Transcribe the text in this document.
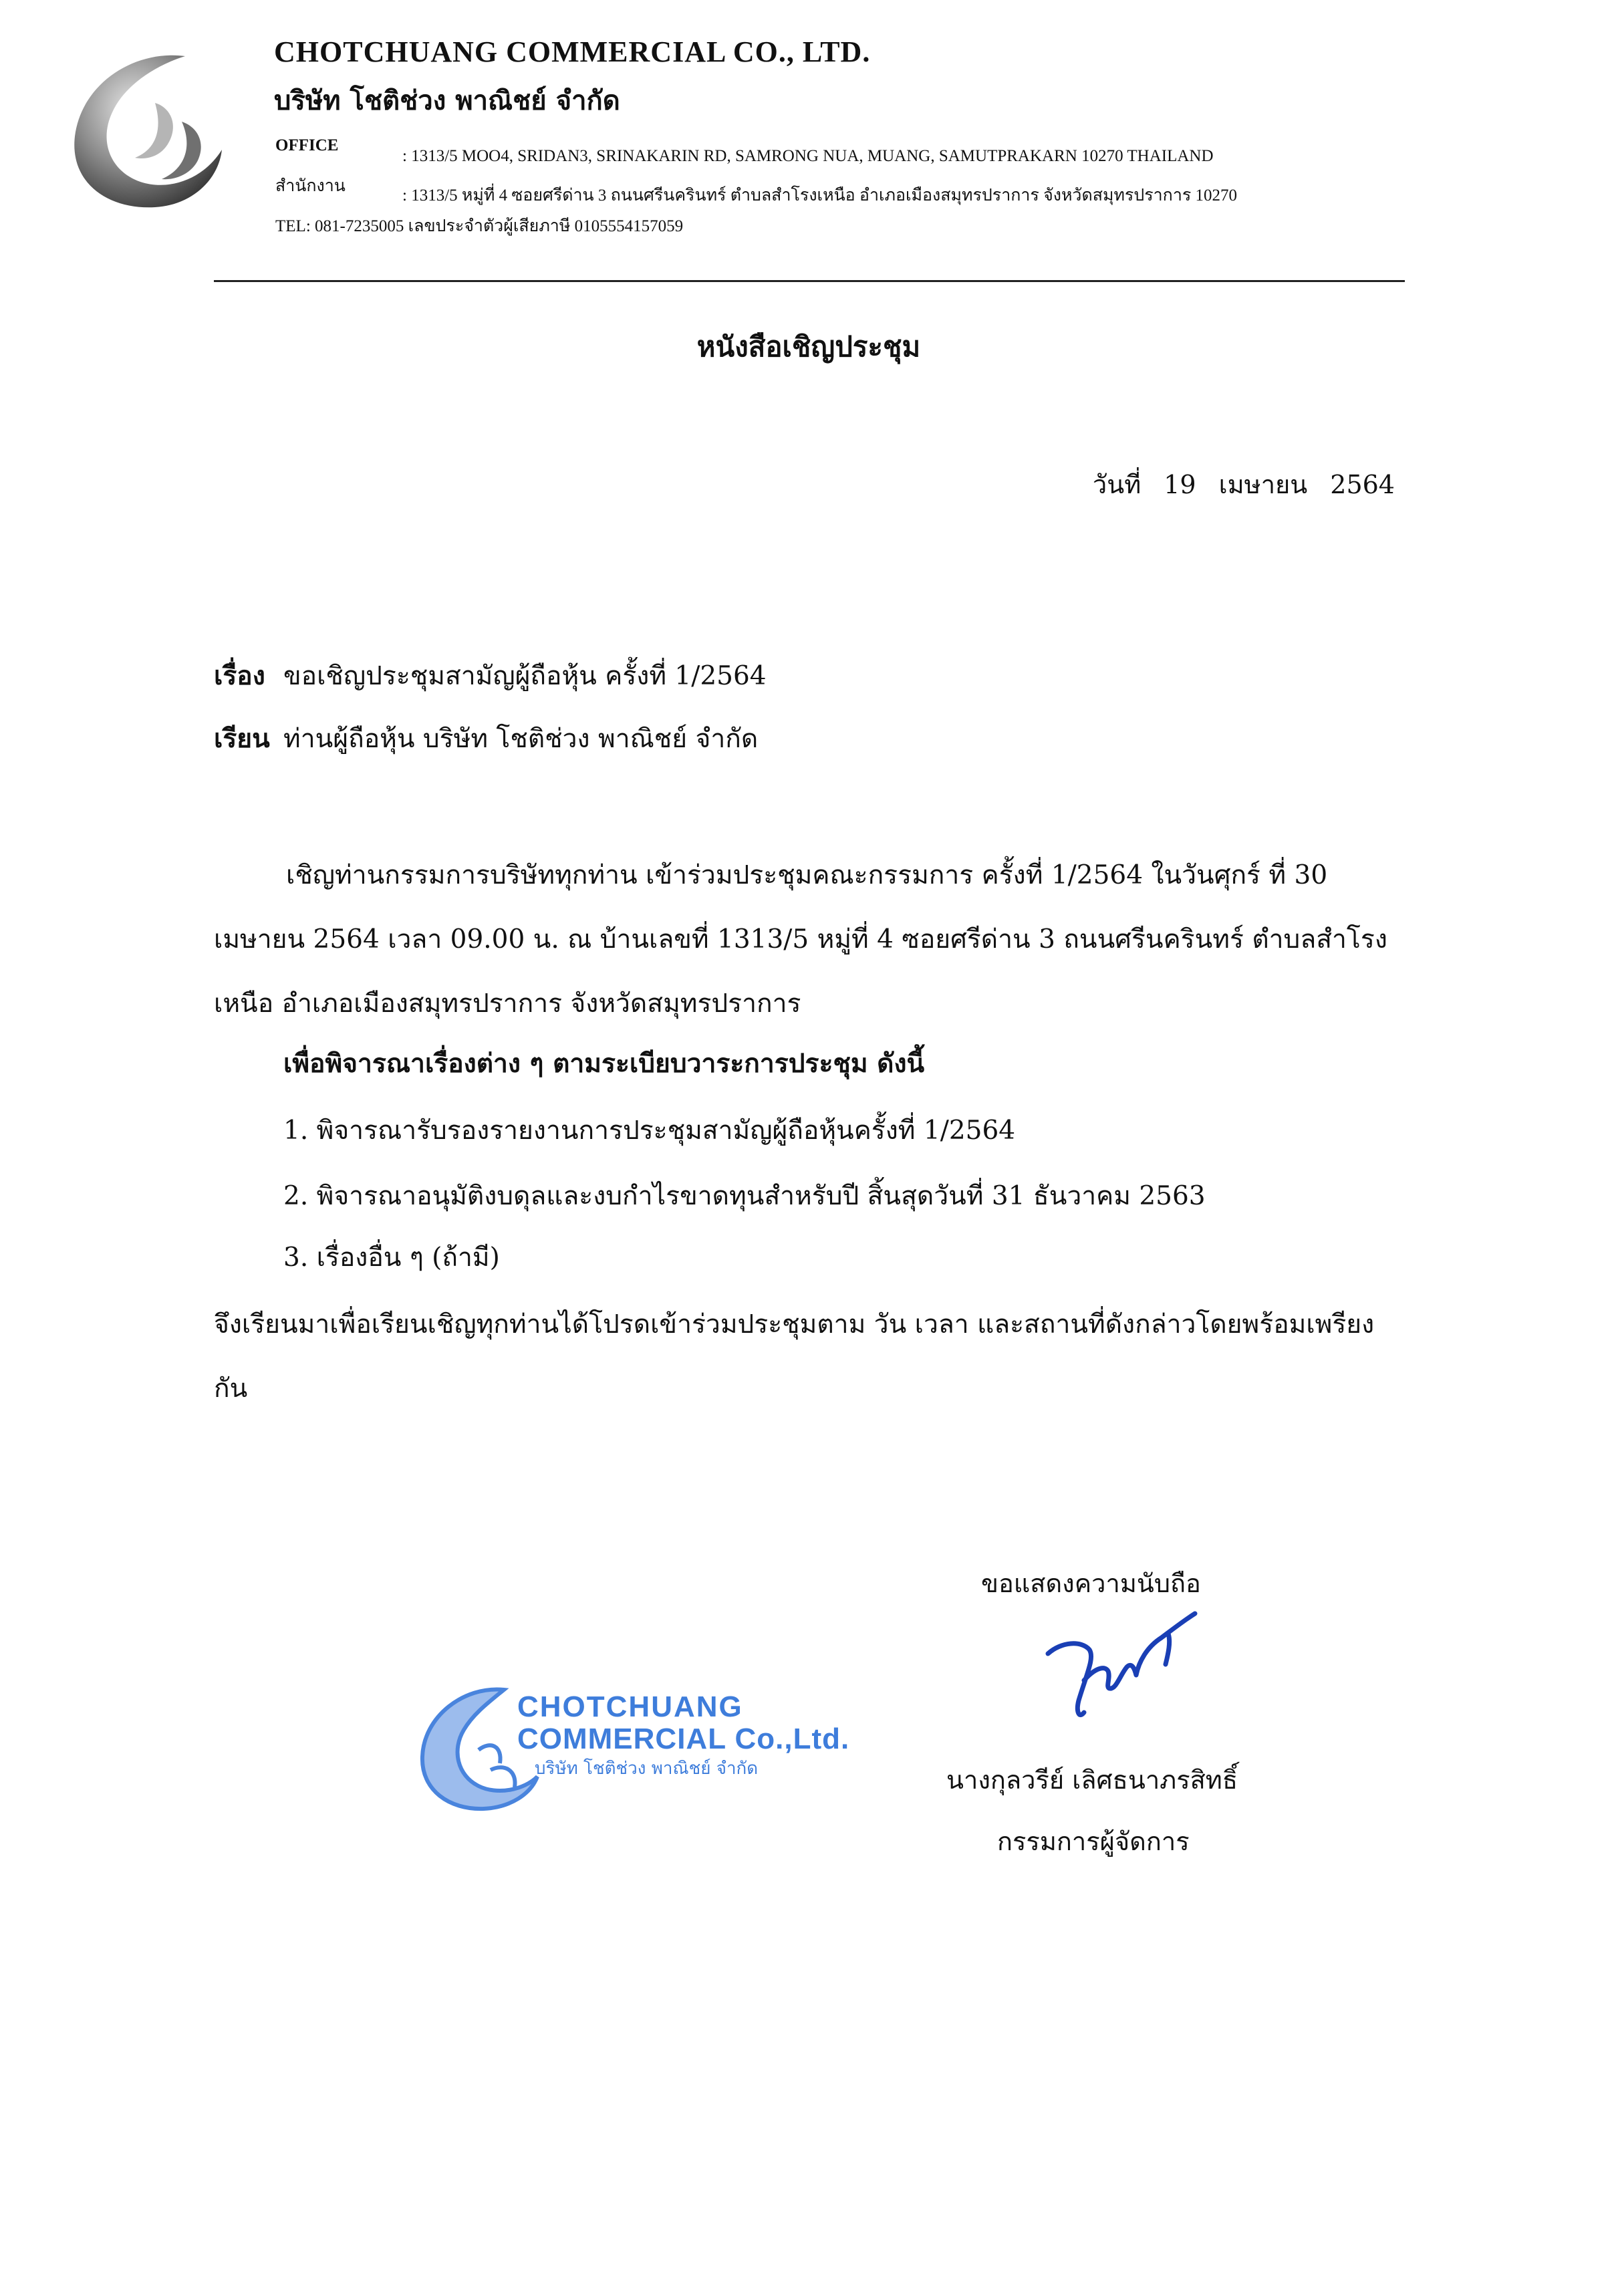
CHOTCHUANG COMMERCIAL CO., LTD.
บริษัท โชติช่วง พาณิชย์ จำกัด
OFFICE
: 1313/5 MOO4, SRIDAN3, SRINAKARIN RD, SAMRONG NUA, MUANG, SAMUTPRAKARN 10270 THAILAND
สำนักงาน
: 1313/5 หมู่ที่ 4 ซอยศรีด่าน 3 ถนนศรีนครินทร์ ตำบลสำโรงเหนือ อำเภอเมืองสมุทรปราการ จังหวัดสมุทรปราการ 10270
TEL: 081-7235005 เลขประจำตัวผู้เสียภาษี 0105554157059
หนังสือเชิญประชุม
วันที่ 19 เมษายน 2564
เรื่อง ขอเชิญประชุมสามัญผู้ถือหุ้น ครั้งที่ 1/2564
เรียน ท่านผู้ถือหุ้น บริษัท โชติช่วง พาณิชย์ จำกัด
เชิญท่านกรรมการบริษัททุกท่าน เข้าร่วมประชุมคณะกรรมการ ครั้งที่ 1/2564 ในวันศุกร์ ที่ 30 เมษายน 2564 เวลา 09.00 น. ณ บ้านเลขที่ 1313/5 หมู่ที่ 4 ซอยศรีด่าน 3 ถนนศรีนครินทร์ ตำบลสำโรงเหนือ อำเภอเมืองสมุทรปราการ จังหวัดสมุทรปราการ
เพื่อพิจารณาเรื่องต่าง ๆ ตามระเบียบวาระการประชุม ดังนี้
1. พิจารณารับรองรายงานการประชุมสามัญผู้ถือหุ้นครั้งที่ 1/2564
2. พิจารณาอนุมัติงบดุลและงบกำไรขาดทุนสำหรับปี สิ้นสุดวันที่ 31 ธันวาคม 2563
3. เรื่องอื่น ๆ (ถ้ามี)
จึงเรียนมาเพื่อเรียนเชิญทุกท่านได้โปรดเข้าร่วมประชุมตาม วัน เวลา และสถานที่ดังกล่าวโดยพร้อมเพรียงกัน
ขอแสดงความนับถือ
CHOTCHUANG
COMMERCIAL Co.,Ltd.
บริษัท โชติช่วง พาณิชย์ จำกัด	นางกุลวรีย์ เลิศธนาภรสิทธิ์
กรรมการผู้จัดการ
